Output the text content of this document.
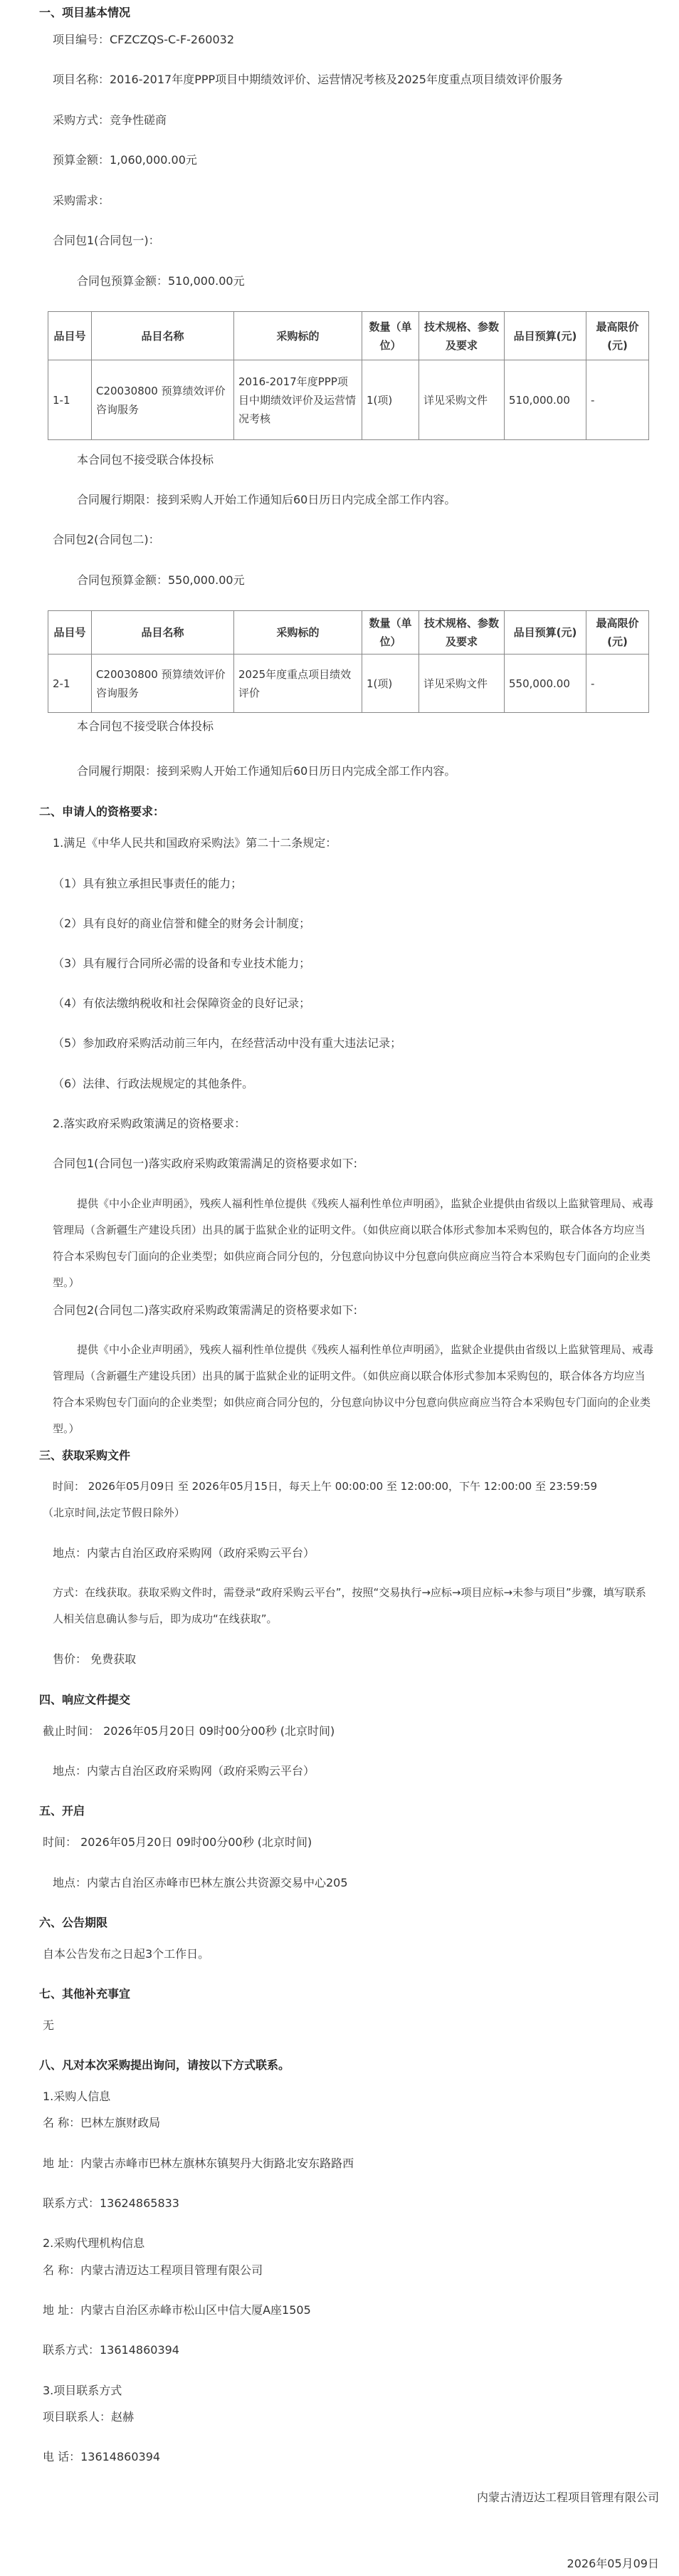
一、项目基本情况
项目编号：CFZCZQS-C-F-260032
项目名称：2016-2017年度PPP项目中期绩效评价、运营情况考核及2025年度重点项目绩效评价服务
采购方式：竞争性磋商
预算金额：1,060,000.00元
采购需求：
合同包1(合同包一)：
合同包预算金额：510,000.00元
品目号	品目名称	采购标的	数量（单位）	技术规格、参数及要求	品目预算(元)	最高限价(元)
1-1	C20030800 预算绩效评价咨询服务	2016-2017年度PPP项目中期绩效评价及运营情况考核	1(项)	详见采购文件	510,000.00	-
本合同包不接受联合体投标
合同履行期限：接到采购人开始工作通知后60日历日内完成全部工作内容。
合同包2(合同包二)：
合同包预算金额：550,000.00元
品目号	品目名称	采购标的	数量（单位）	技术规格、参数及要求	品目预算(元)	最高限价(元)
2-1	C20030800 预算绩效评价咨询服务	2025年度重点项目绩效评价	1(项)	详见采购文件	550,000.00	-
本合同包不接受联合体投标
合同履行期限：接到采购人开始工作通知后60日历日内完成全部工作内容。
二、申请人的资格要求：
1.满足《中华人民共和国政府采购法》第二十二条规定：
（1）具有独立承担民事责任的能力；
（2）具有良好的商业信誉和健全的财务会计制度；
（3）具有履行合同所必需的设备和专业技术能力；
（4）有依法缴纳税收和社会保障资金的良好记录；
（5）参加政府采购活动前三年内，在经营活动中没有重大违法记录；
（6）法律、行政法规规定的其他条件。
2.落实政府采购政策满足的资格要求：
合同包1(合同包一)落实政府采购政策需满足的资格要求如下:
提供《中小企业声明函》，残疾人福利性单位提供《残疾人福利性单位声明函》，监狱企业提供由省级以上监狱管理局、戒毒管理局（含新疆生产建设兵团）出具的属于监狱企业的证明文件。（如供应商以联合体形式参加本采购包的，联合体各方均应当符合本采购包专门面向的企业类型；如供应商合同分包的，分包意向协议中分包意向供应商应当符合本采购包专门面向的企业类型。）
合同包2(合同包二)落实政府采购政策需满足的资格要求如下:
提供《中小企业声明函》，残疾人福利性单位提供《残疾人福利性单位声明函》，监狱企业提供由省级以上监狱管理局、戒毒管理局（含新疆生产建设兵团）出具的属于监狱企业的证明文件。（如供应商以联合体形式参加本采购包的，联合体各方均应当符合本采购包专门面向的企业类型；如供应商合同分包的，分包意向协议中分包意向供应商应当符合本采购包专门面向的企业类型。）
三、获取采购文件
时间： 2026年05月09日 至 2026年05月15日，每天上午 00:00:00 至 12:00:00，下午 12:00:00 至 23:59:59
（北京时间,法定节假日除外）
地点：内蒙古自治区政府采购网（政府采购云平台）
方式：在线获取。获取采购文件时，需登录“政府采购云平台”，按照“交易执行→应标→项目应标→未参与项目”步骤，填写联系人相关信息确认参与后，即为成功“在线获取”。
售价： 免费获取
四、响应文件提交
截止时间： 2026年05月20日 09时00分00秒 (北京时间)
地点：内蒙古自治区政府采购网（政府采购云平台）
五、开启
时间： 2026年05月20日 09时00分00秒 (北京时间)
地点：内蒙古自治区赤峰市巴林左旗公共资源交易中心205
六、公告期限
自本公告发布之日起3个工作日。
七、其他补充事宜
无
八、凡对本次采购提出询问，请按以下方式联系。
1.采购人信息
名 称：巴林左旗财政局
地 址：内蒙古赤峰市巴林左旗林东镇契丹大街路北安东路路西
联系方式：13624865833
2.采购代理机构信息
名 称：内蒙古清迈达工程项目管理有限公司
地 址：内蒙古自治区赤峰市松山区中信大厦A座1505
联系方式：13614860394
3.项目联系方式
项目联系人：赵赫
电 话：13614860394
内蒙古清迈达工程项目管理有限公司
2026年05月09日
